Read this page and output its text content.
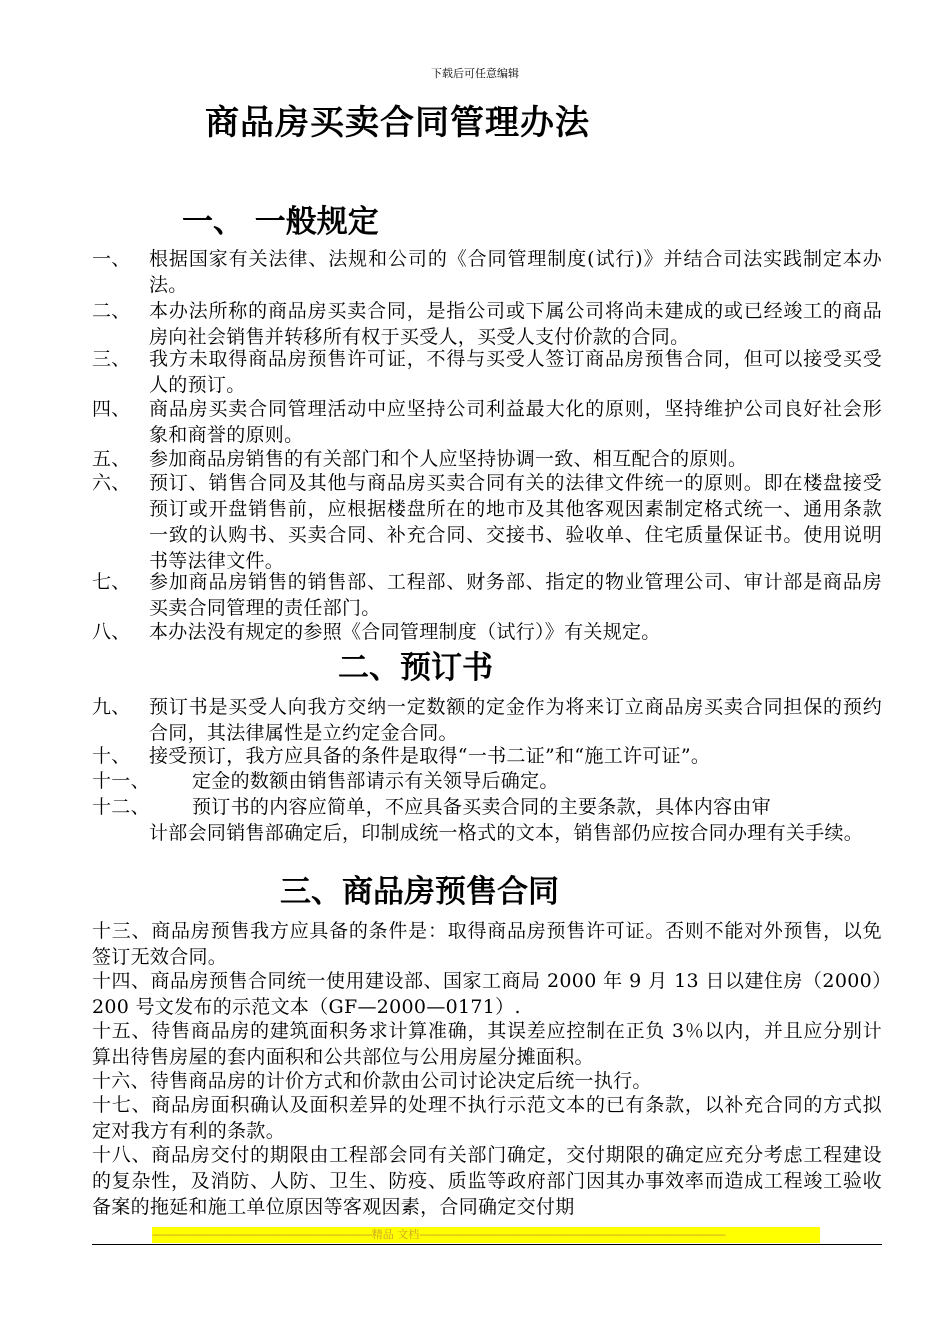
下载后可任意编辑
商品房买卖合同管理办法
一、 一般规定
一、 根据国家有关法律、法规和公司的《合同管理制度(试行)》并结合司法实践制定本办法。
二、 本办法所称的商品房买卖合同，是指公司或下属公司将尚未建成的或已经竣工的商品房向社会销售并转移所有权于买受人，买受人支付价款的合同。
三、 我方未取得商品房预售许可证，不得与买受人签订商品房预售合同，但可以接受买受人的预订。
四、 商品房买卖合同管理活动中应坚持公司利益最大化的原则，坚持维护公司良好社会形象和商誉的原则。
五、 参加商品房销售的有关部门和个人应坚持协调一致、相互配合的原则。
六、 预订、销售合同及其他与商品房买卖合同有关的法律文件统一的原则。即在楼盘接受预订或开盘销售前，应根据楼盘所在的地市及其他客观因素制定格式统一、通用条款一致的认购书、买卖合同、补充合同、交接书、验收单、住宅质量保证书。使用说明书等法律文件。
七、 参加商品房销售的销售部、工程部、财务部、指定的物业管理公司、审计部是商品房买卖合同管理的责任部门。
八、 本办法没有规定的参照《合同管理制度（试行）》有关规定。
二、预订书
九、 预订书是买受人向我方交纳一定数额的定金作为将来订立商品房买卖合同担保的预约合同，其法律属性是立约定金合同。
十、 接受预订，我方应具备的条件是取得“一书二证”和“施工许可证”。
十一、	定金的数额由销售部请示有关领导后确定。
十二、	预订书的内容应简单，不应具备买卖合同的主要条款，具体内容由审
计部会同销售部确定后，印制成统一格式的文本，销售部仍应按合同办理有关手续。
三、商品房预售合同
十三、商品房预售我方应具备的条件是：取得商品房预售许可证。否则不能对外预售，以免签订无效合同。
十四、商品房预售合同统一使用建设部、国家工商局 2000 年 9 月 13 日以建住房（2000）200 号文发布的示范文本（GF—2000—0171）.
十五、待售商品房的建筑面积务求计算准确，其误差应控制在正负 3％以内，并且应分别计算出待售房屋的套内面积和公共部位与公用房屋分摊面积。
十六、待售商品房的计价方式和价款由公司讨论决定后统一执行。
十七、商品房面积确认及面积差异的处理不执行示范文本的已有条款，以补充合同的方式拟定对我方有利的条款。
十八、商品房交付的期限由工程部会同有关部门确定，交付期限的确定应充分考虑工程建设的复杂性，及消防、人防、卫生、防疫、质监等政府部门因其办事效率而造成工程竣工验收备案的拖延和施工单位原因等客观因素，合同确定交付期
--------------------------------------------------------------------------精品 文档-------------------------------------------------------------------------------------------------------
